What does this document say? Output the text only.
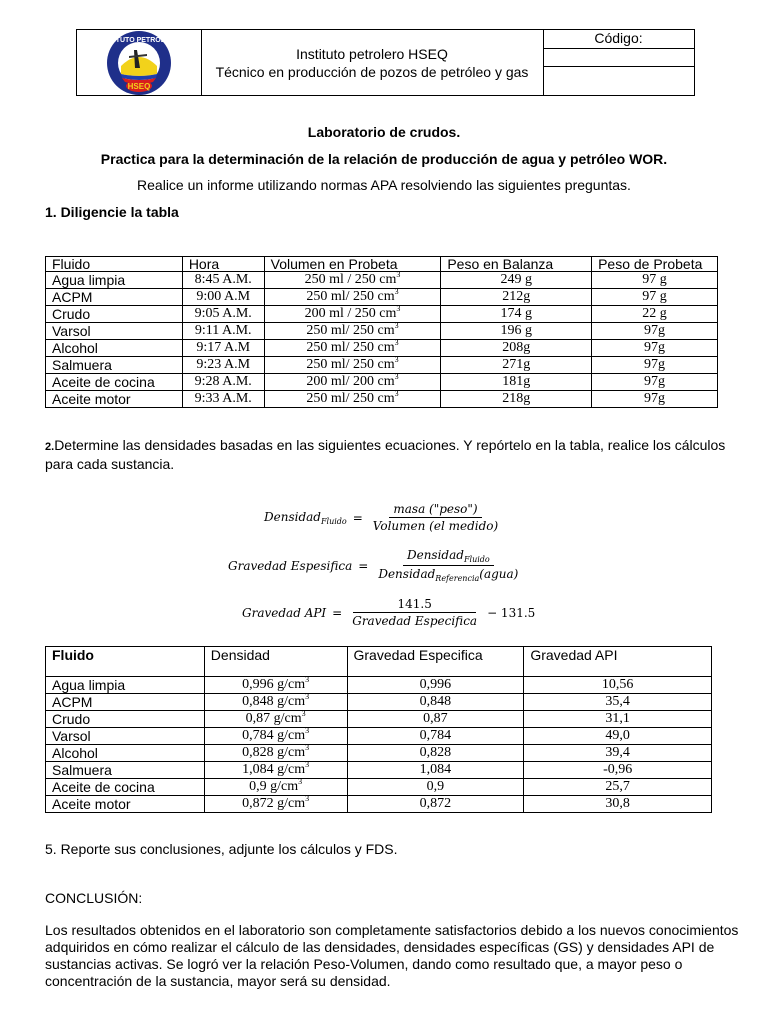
INSTITUTO PETROLERO
HSEQ
Instituto petrolero HSEQ
Técnico en producción de pozos de petróleo y gas
Código:
Laboratorio de crudos.
Practica para la determinación de la relación de producción de agua y petróleo WOR.
Realice un informe utilizando normas APA resolviendo las siguientes preguntas.
1. Diligencie la tabla
Fluido	Hora	Volumen en Probeta	Peso en Balanza	Peso de Probeta
Agua limpia	8:45 A.M.	250 ml / 250 $cm^3$	249 g	97 g
ACPM	9:00 A.M	250 ml/ 250 $cm^3$	212g	97 g
Crudo	9:05 A.M.	200 ml / 250 $cm^3$	174 g	22 g
Varsol	9:11 A.M.	250 ml/ 250 $cm^3$	196 g	97g
Alcohol	9:17 A.M	250 ml/ 250 $cm^3$	208g	97g
Salmuera	9:23 A.M	250 ml/ 250 $cm^3$	271g	97g
Aceite de cocina	9:28 A.M.	200 ml/ 200 $cm^3$	181g	97g
Aceite motor	9:33 A.M.	250 ml/ 250 $cm^3$	218g	97g
2.Determine las densidades basadas en las siguientes ecuaciones. Y repórtelo en la tabla, realice los cálculos
para cada sustancia.
Densidad$_{Fluido}$ = $\frac{\text{masa ("peso")}}{\text{Volumen (el medido)}}$
Gravedad Espesifica = $\frac{Densidad_{Fluido}}{Densidad_{Referencia}(agua)}$
Gravedad API = $\frac{141.5}{\text{Gravedad Especifica}} - 131.5$
Fluido	Densidad	Gravedad Especifica	Gravedad API
Agua limpia	0,996 $g/cm^3$	0,996	10,56
ACPM	0,848 $g/cm^3$	0,848	35,4
Crudo	0,87 $g/cm^3$	0,87	31,1
Varsol	0,784 $g/cm^3$	0,784	49,0
Alcohol	0,828 $g/cm^3$	0,828	39,4
Salmuera	1,084 $g/cm^3$	1,084	-0,96
Aceite de cocina	0,9 $g/cm^3$	0,9	25,7
Aceite motor	0,872 $g/cm^3$	0,872	30,8
5. Reporte sus conclusiones, adjunte los cálculos y FDS.
CONCLUSIÓN:
Los resultados obtenidos en el laboratorio son completamente satisfactorios debido a los nuevos conocimientos
adquiridos en cómo realizar el cálculo de las densidades, densidades específicas (GS) y densidades API de
sustancias activas. Se logró ver la relación Peso-Volumen, dando como resultado que, a mayor peso o
concentración de la sustancia, mayor será su densidad.
